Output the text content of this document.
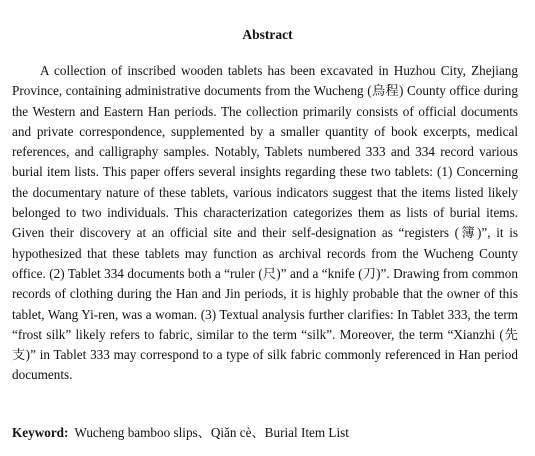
Abstract

A collection of inscribed wooden tablets has been excavated in Huzhou City, Zhejiang Province, containing administrative documents from the Wucheng (烏程) County office during the Western and Eastern Han periods. The collection primarily consists of official documents and private correspondence, supplemented by a smaller quantity of book excerpts, medical references, and calligraphy samples. Notably, Tablets numbered 333 and 334 record various burial item lists. This paper offers several insights regarding these two tablets: (1) Concerning the documentary nature of these tablets, various indicators suggest that the items listed likely belonged to two individuals. This characterization categorizes them as lists of burial items. Given their discovery at an official site and their self-designation as “registers (簿)”, it is hypothesized that these tablets may function as archival records from the Wucheng County office. (2) Tablet 334 documents both a “ruler (尺)” and a “knife (刀)”. Drawing from common records of clothing during the Han and Jin periods, it is highly probable that the owner of this tablet, Wang Yi-ren, was a woman. (3) Textual analysis further clarifies: In Tablet 333, the term “frost silk” likely refers to fabric, similar to the term “silk”. Moreover, the term “Xianzhi (先支)” in Tablet 333 may correspond to a type of silk fabric commonly referenced in Han period documents.

Keyword: Wucheng bamboo slips、Qiǎn cè、Burial Item List
